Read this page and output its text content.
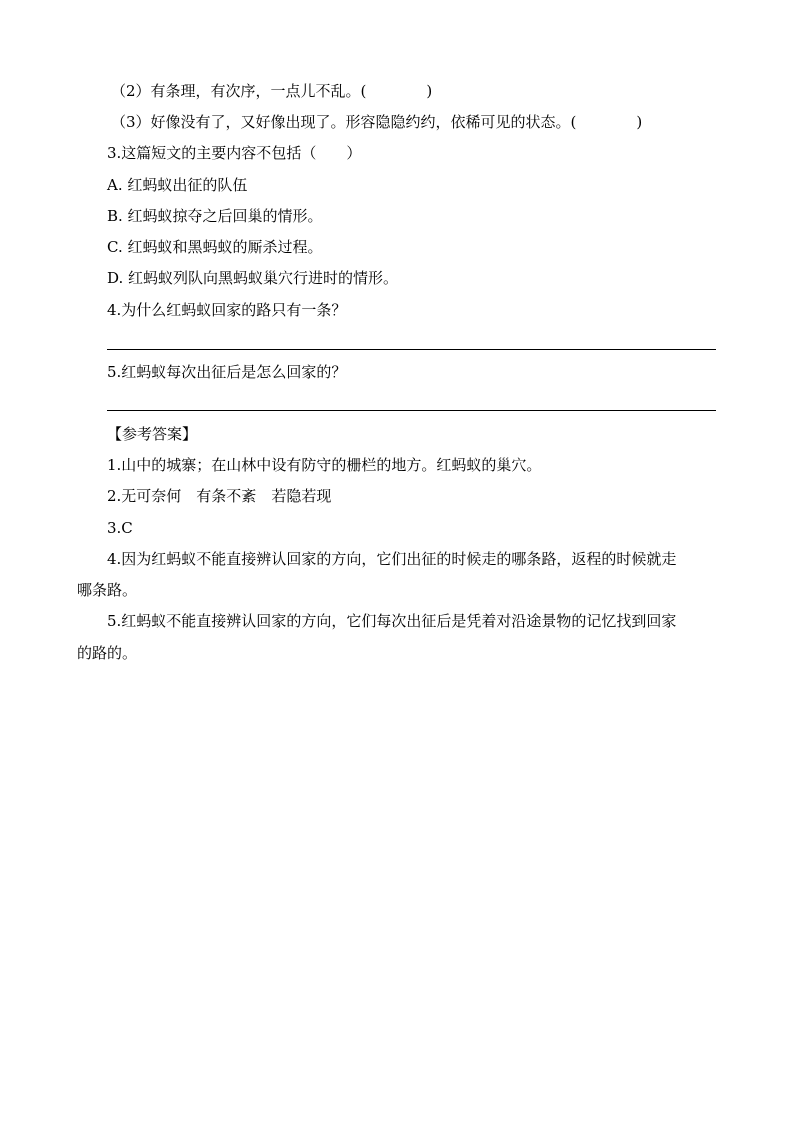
（2）有条理，有次序，一点儿不乱。(　　　　)
（3）好像没有了，又好像出现了。形容隐隐约约，依稀可见的状态。(　　　　)
3.这篇短文的主要内容不包括（　　）
A. 红蚂蚁出征的队伍
B. 红蚂蚁掠夺之后回巢的情形。
C. 红蚂蚁和黑蚂蚁的厮杀过程。
D. 红蚂蚁列队向黑蚂蚁巢穴行进时的情形。
4.为什么红蚂蚁回家的路只有一条？
5.红蚂蚁每次出征后是怎么回家的？
【参考答案】
1.山中的城寨；在山林中设有防守的栅栏的地方。红蚂蚁的巢穴。
2.无可奈何　有条不紊　若隐若现
3.C
4.因为红蚂蚁不能直接辨认回家的方向，它们出征的时候走的哪条路，返程的时候就走
哪条路。
5.红蚂蚁不能直接辨认回家的方向，它们每次出征后是凭着对沿途景物的记忆找到回家
的路的。
